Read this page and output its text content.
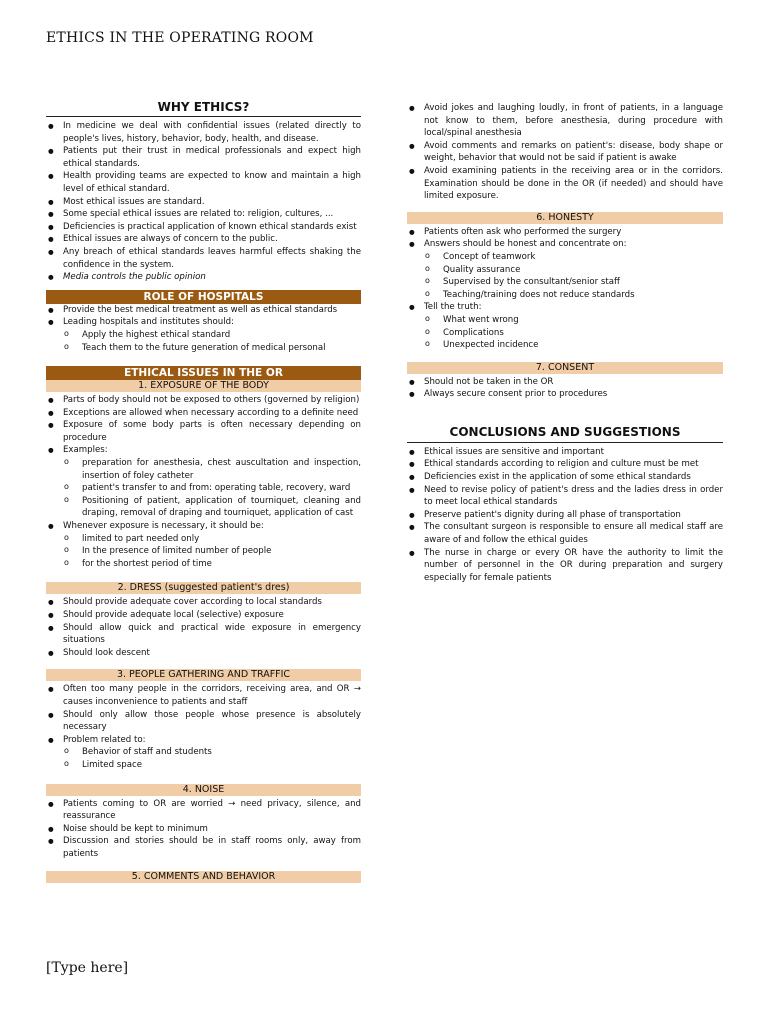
ETHICS IN THE OPERATING ROOM
WHY ETHICS?
● In medicine we deal with confidential issues (related directly to people's lives, history, behavior, body, health, and disease.
● Patients put their trust in medical professionals and expect high ethical standards.
● Health providing teams are expected to know and maintain a high level of ethical standard.
● Most ethical issues are standard.
● Some special ethical issues are related to: religion, cultures, ...
● Deficiencies is practical application of known ethical standards exist
● Ethical issues are always of concern to the public.
● Any breach of ethical standards leaves harmful effects shaking the confidence in the system.
● Media controls the public opinion
ROLE OF HOSPITALS
● Provide the best medical treatment as well as ethical standards
● Leading hospitals and institutes should:
o Apply the highest ethical standard
o Teach them to the future generation of medical personal
ETHICAL ISSUES IN THE OR
1. EXPOSURE OF THE BODY
● Parts of body should not be exposed to others (governed by religion)
● Exceptions are allowed when necessary according to a definite need
● Exposure of some body parts is often necessary depending on procedure
● Examples:
o preparation for anesthesia, chest auscultation and inspection, insertion of foley catheter
o patient's transfer to and from: operating table, recovery, ward
o Positioning of patient, application of tourniquet, cleaning and draping, removal of draping and tourniquet, application of cast
● Whenever exposure is necessary, it should be:
o limited to part needed only
o In the presence of limited number of people
o for the shortest period of time
2. DRESS (suggested patient's dres)
● Should provide adequate cover according to local standards
● Should provide adequate local (selective) exposure
● Should allow quick and practical wide exposure in emergency situations
● Should look descent
3. PEOPLE GATHERING AND TRAFFIC
● Often too many people in the corridors, receiving area, and OR → causes inconvenience to patients and staff
● Should only allow those people whose presence is absolutely necessary
● Problem related to:
o Behavior of staff and students
o Limited space
4. NOISE
● Patients coming to OR are worried → need privacy, silence, and reassurance
● Noise should be kept to minimum
● Discussion and stories should be in staff rooms only, away from patients
5. COMMENTS AND BEHAVIOR
● Avoid jokes and laughing loudly, in front of patients, in a language not know to them, before anesthesia, during procedure with local/spinal anesthesia
● Avoid comments and remarks on patient's: disease, body shape or weight, behavior that would not be said if patient is awake
● Avoid examining patients in the receiving area or in the corridors. Examination should be done in the OR (if needed) and should have limited exposure.
6. HONESTY
● Patients often ask who performed the surgery
● Answers should be honest and concentrate on:
o Concept of teamwork
o Quality assurance
o Supervised by the consultant/senior staff
o Teaching/training does not reduce standards
● Tell the truth:
o What went wrong
o Complications
o Unexpected incidence
7. CONSENT
● Should not be taken in the OR
● Always secure consent prior to procedures
CONCLUSIONS AND SUGGESTIONS
● Ethical issues are sensitive and important
● Ethical standards according to religion and culture must be met
● Deficiencies exist in the application of some ethical standards
● Need to revise policy of patient's dress and the ladies dress in order to meet local ethical standards
● Preserve patient's dignity during all phase of transportation
● The consultant surgeon is responsible to ensure all medical staff are aware of and follow the ethical guides
● The nurse in charge or every OR have the authority to limit the number of personnel in the OR during preparation and surgery especially for female patients
[Type here]
